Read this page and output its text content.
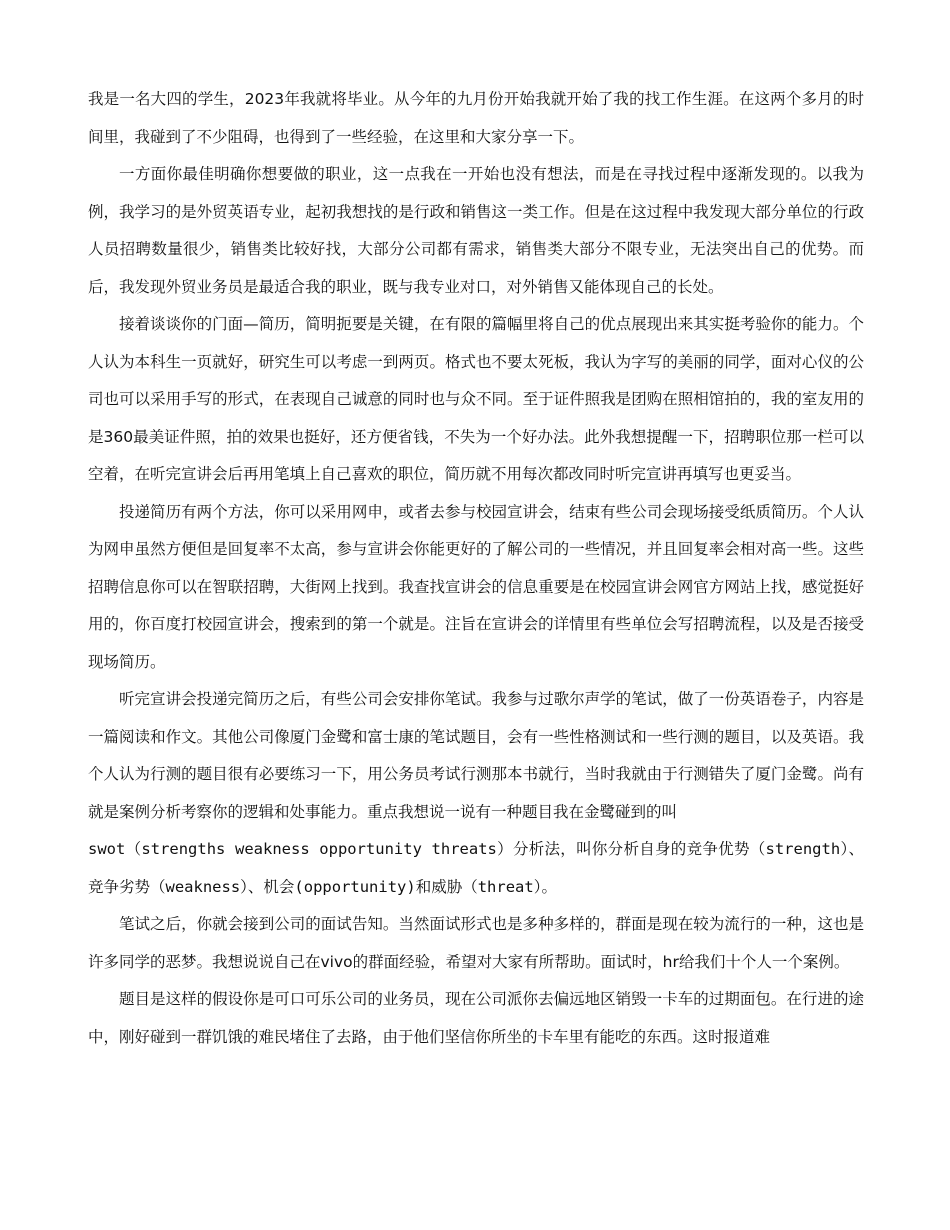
我是一名大四的学生，2023年我就将毕业。从今年的九月份开始我就开始了我的找工作生涯。在这两个多月的时间里，我碰到了不少阻碍，也得到了一些经验，在这里和大家分享一下。

一方面你最佳明确你想要做的职业，这一点我在一开始也没有想法，而是在寻找过程中逐渐发现的。以我为例，我学习的是外贸英语专业，起初我想找的是行政和销售这一类工作。但是在这过程中我发现大部分单位的行政人员招聘数量很少，销售类比较好找，大部分公司都有需求，销售类大部分不限专业，无法突出自己的优势。而后，我发现外贸业务员是最适合我的职业，既与我专业对口，对外销售又能体现自己的长处。

接着谈谈你的门面—简历，简明扼要是关键，在有限的篇幅里将自己的优点展现出来其实挺考验你的能力。个人认为本科生一页就好，研究生可以考虑一到两页。格式也不要太死板，我认为字写的美丽的同学，面对心仪的公司也可以采用手写的形式，在表现自己诚意的同时也与众不同。至于证件照我是团购在照相馆拍的，我的室友用的是360最美证件照，拍的效果也挺好，还方便省钱，不失为一个好办法。此外我想提醒一下，招聘职位那一栏可以空着，在听完宣讲会后再用笔填上自己喜欢的职位，简历就不用每次都改同时听完宣讲再填写也更妥当。

投递简历有两个方法，你可以采用网申，或者去参与校园宣讲会，结束有些公司会现场接受纸质简历。个人认为网申虽然方便但是回复率不太高，参与宣讲会你能更好的了解公司的一些情况，并且回复率会相对高一些。这些招聘信息你可以在智联招聘，大街网上找到。我查找宣讲会的信息重要是在校园宣讲会网官方网站上找，感觉挺好用的，你百度打校园宣讲会，搜索到的第一个就是。注旨在宣讲会的详情里有些单位会写招聘流程，以及是否接受现场简历。

听完宣讲会投递完简历之后，有些公司会安排你笔试。我参与过歌尔声学的笔试，做了一份英语卷子，内容是一篇阅读和作文。其他公司像厦门金鹭和富士康的笔试题目，会有一些性格测试和一些行测的题目，以及英语。我个人认为行测的题目很有必要练习一下，用公务员考试行测那本书就行，当时我就由于行测错失了厦门金鹭。尚有就是案例分析考察你的逻辑和处事能力。重点我想说一说有一种题目我在金鹭碰到的叫

swot（strengths weakness opportunity threats）分析法，叫你分析自身的竞争优势（strength）、竞争劣势（weakness）、机会(opportunity)和威胁（threat）。

笔试之后，你就会接到公司的面试告知。当然面试形式也是多种多样的，群面是现在较为流行的一种，这也是许多同学的恶梦。我想说说自己在vivo的群面经验，希望对大家有所帮助。面试时，hr给我们十个人一个案例。

题目是这样的假设你是可口可乐公司的业务员，现在公司派你去偏远地区销毁一卡车的过期面包。在行进的途中，刚好碰到一群饥饿的难民堵住了去路，由于他们坚信你所坐的卡车里有能吃的东西。这时报道难
